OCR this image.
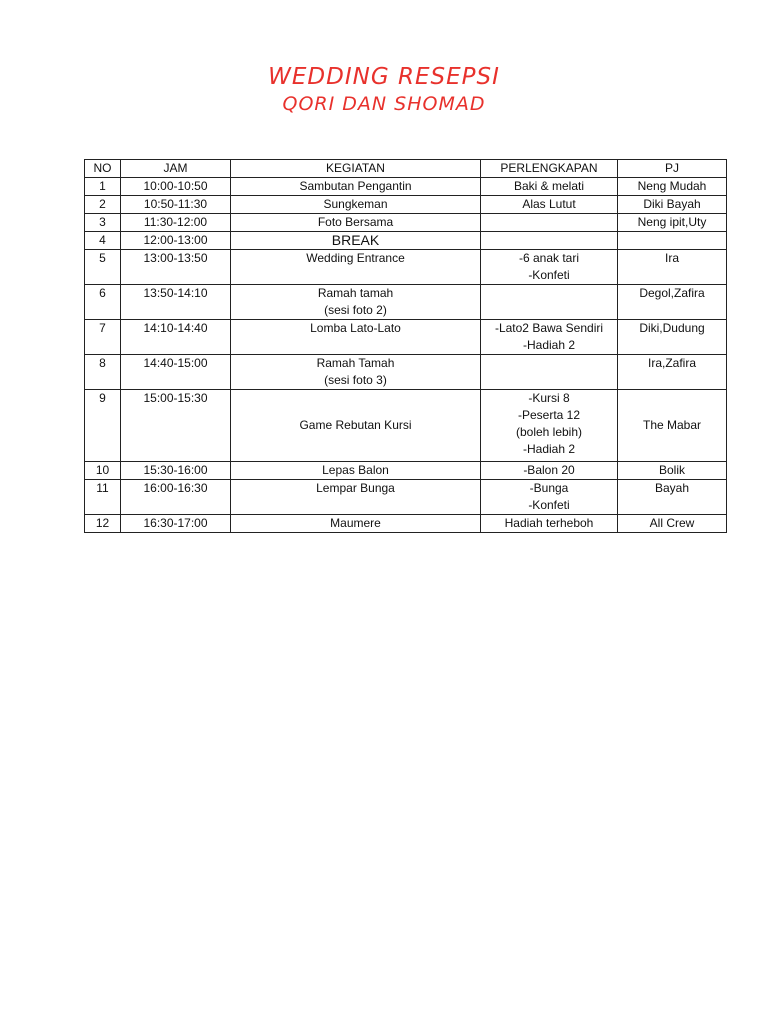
WEDDING RESEPSI
QORI DAN SHOMAD
NO	JAM	KEGIATAN	PERLENGKAPAN	PJ
1	10:00-10:50	Sambutan Pengantin	Baki & melati	Neng Mudah
2	10:50-11:30	Sungkeman	Alas Lutut	Diki Bayah
3	11:30-12:00	Foto Bersama		Neng ipit,Uty
4	12:00-13:00	BREAK		

5	13:00-13:50	Wedding Entrance	-6 anak tari
-Konfeti	Ira
6	13:50-14:10	Ramah tamah
(sesi foto 2)		Degol,Zafira
7	14:10-14:40	Lomba Lato-Lato	-Lato2 Bawa Sendiri
-Hadiah 2	Diki,Dudung
8	14:40-15:00	Ramah Tamah
(sesi foto 3)		Ira,Zafira
9	15:00-15:30	Game Rebutan Kursi	-Kursi 8
-Peserta 12
(boleh lebih)
-Hadiah 2	The Mabar
10	15:30-16:00	Lepas Balon	-Balon 20	Bolik
11	16:00-16:30	Lempar Bunga	-Bunga
-Konfeti	Bayah
12	16:30-17:00	Maumere	Hadiah terheboh	All Crew
